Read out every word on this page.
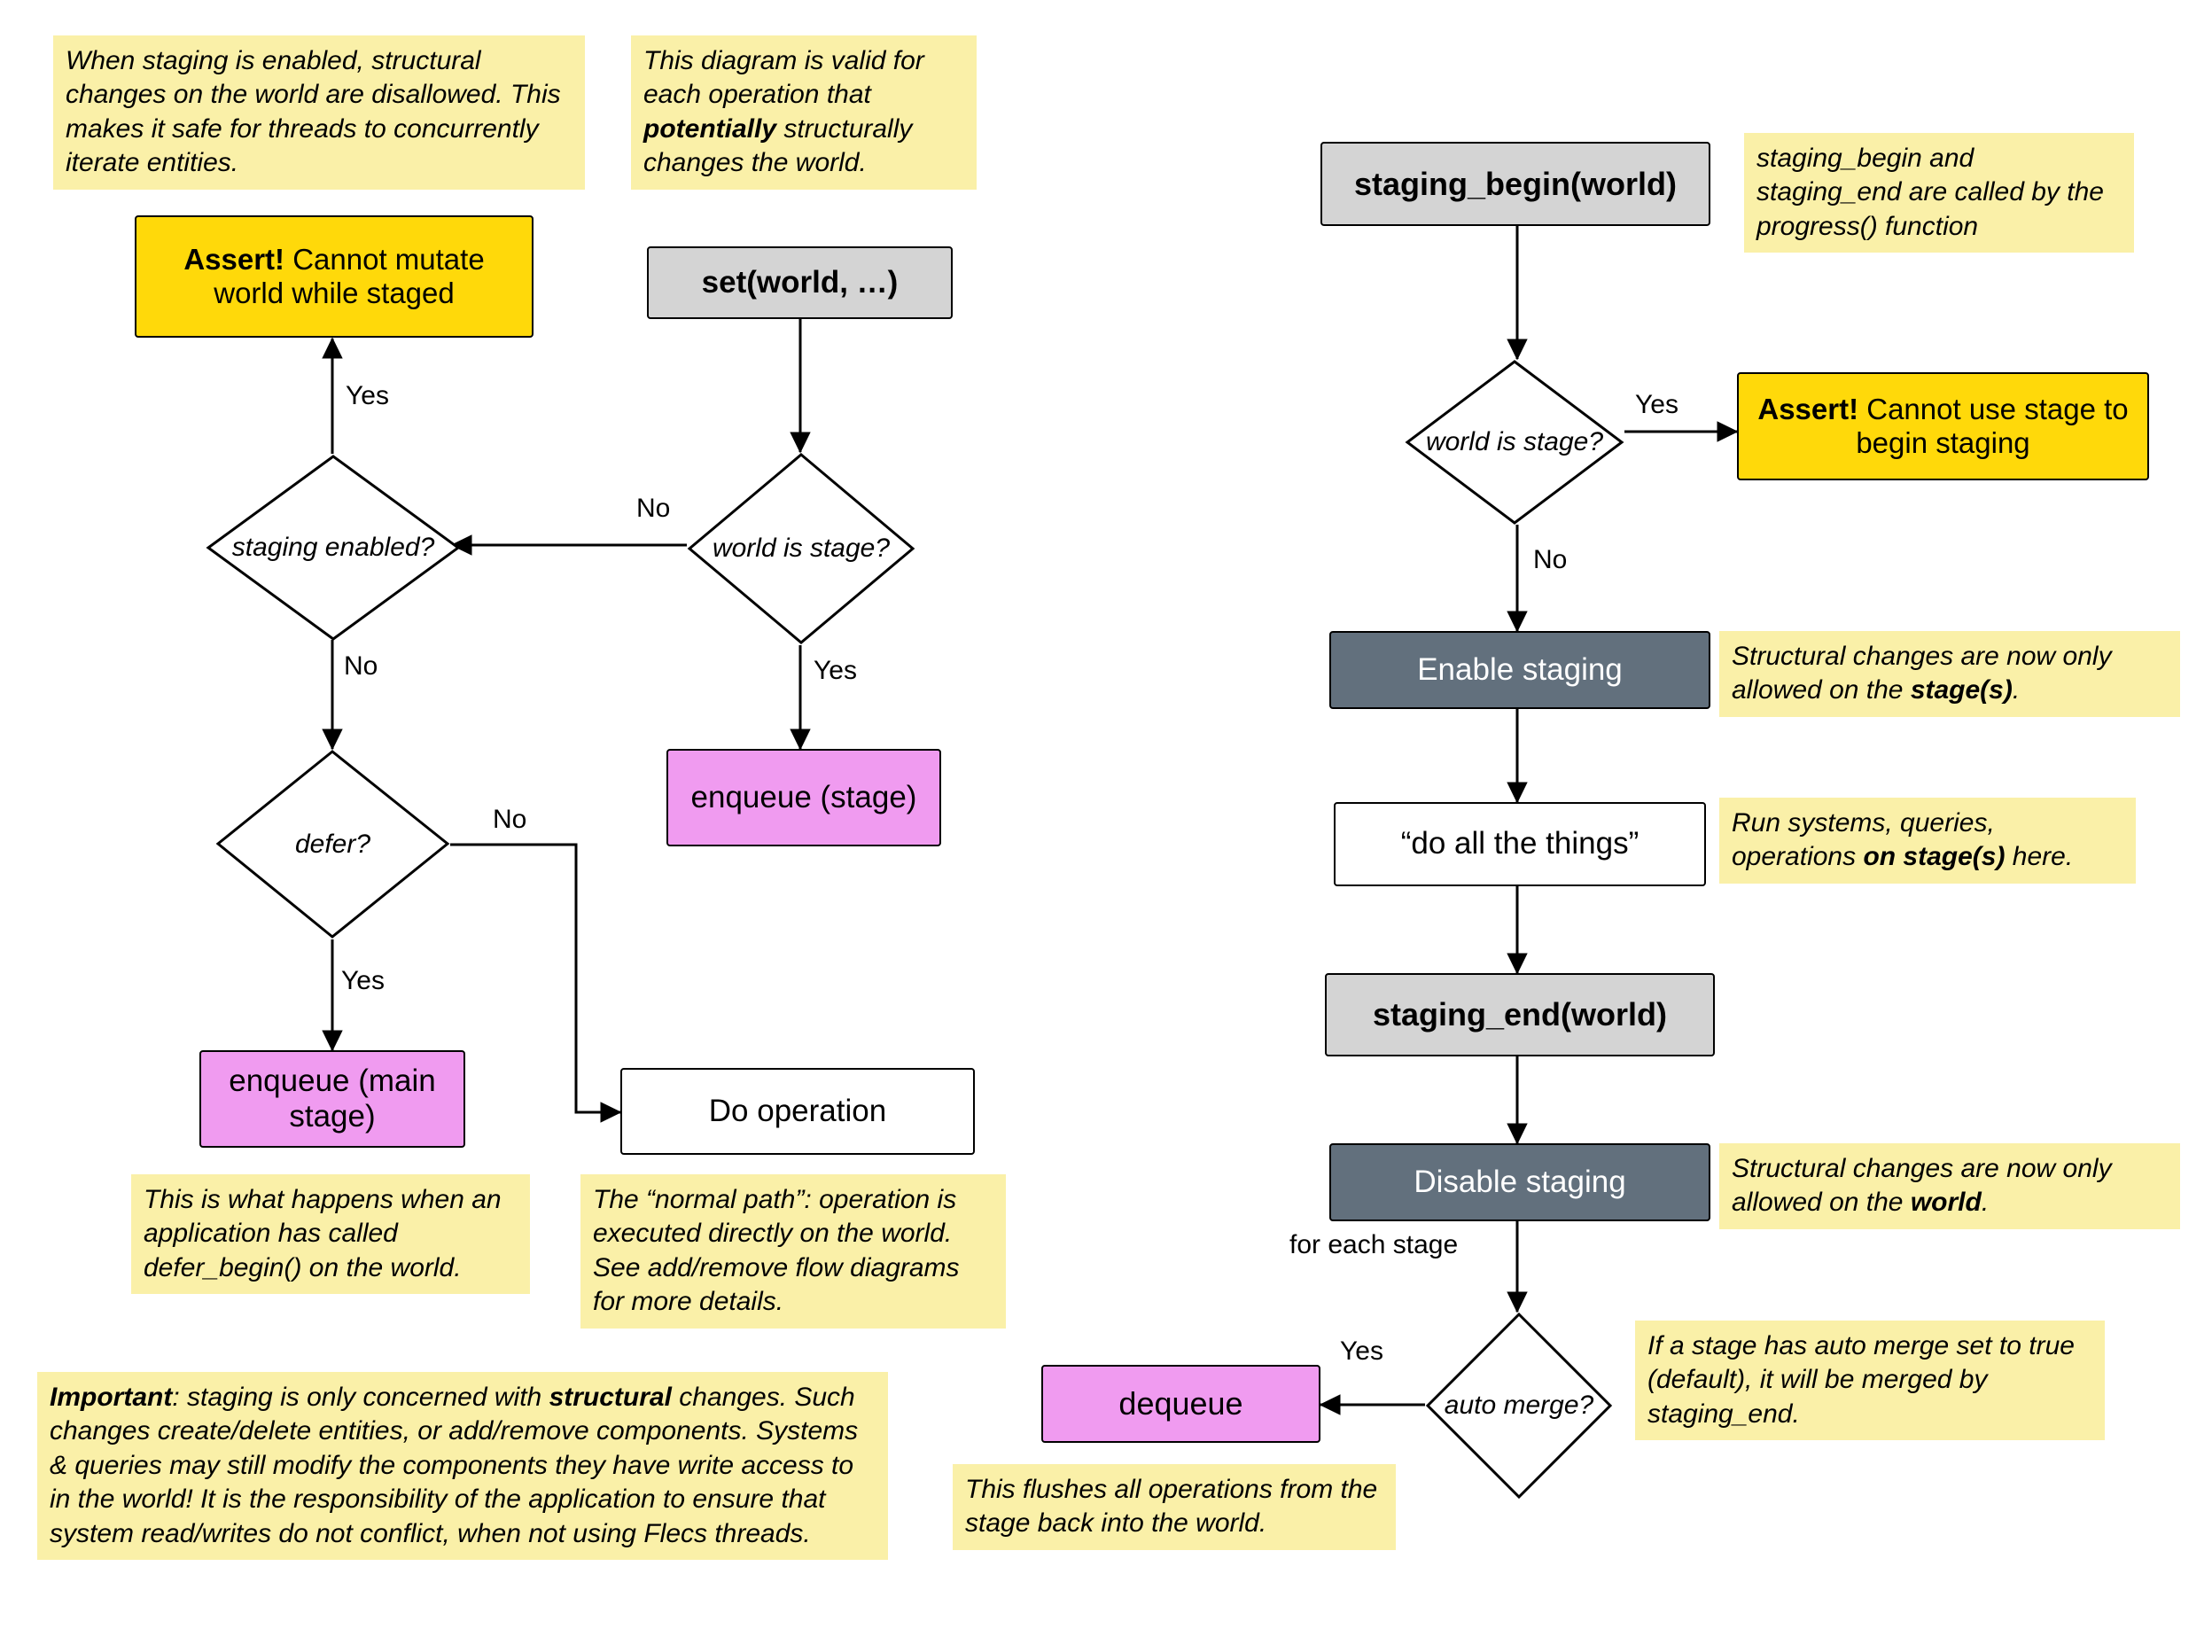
When staging is enabled, structural changes on the world are disallowed. This makes it safe for threads to concurrently iterate entities.
This diagram is valid for each operation that potentially structurally changes the world.
Assert! Cannot mutate world while staged	set(world, …)
staging enabled?	world is stage?
enqueue (stage)
defer?
enqueue (main stage)	Do operation
Yes
No
No
Yes
No
Yes
This is what happens when an application has called defer_begin() on the world.
The “normal path”: operation is executed directly on the world. See add/remove flow diagrams for more details.
Important: staging is only concerned with structural changes. Such changes create/delete entities, or add/remove components. Systems & queries may still modify the components they have write access to in the world! It is the responsibility of the application to ensure that system read/writes do not conflict, when not using Flecs threads.
staging_begin(world)
staging_begin and staging_end are called by the progress() function
world is stage?
Assert! Cannot use stage to begin staging
Enable staging	Structural changes are now only allowed on the stage(s).
“do all the things”
Run systems, queries, operations on stage(s) here.
staging_end(world)
Disable staging	Structural changes are now only allowed on the world.
auto merge?
dequeue
If a stage has auto merge set to true (default), it will be merged by staging_end.
This flushes all operations from the stage back into the world.
Yes
No
for each stage
Yes
